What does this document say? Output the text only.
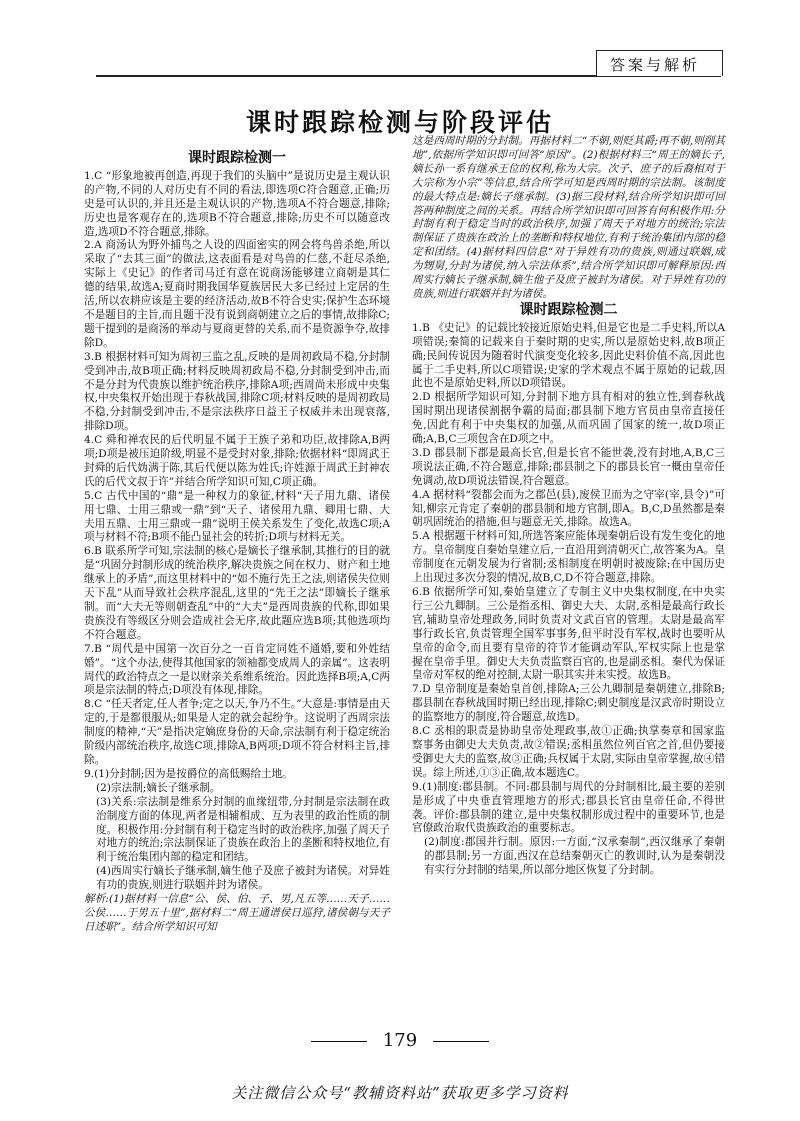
答案与解析
课时跟踪检测与阶段评估
课时跟踪检测一

1.C “形象地被再创造,再现于我们的头脑中”是说历史是主观认识的产物,不同的人对历史有不同的看法,即选项C符合题意,正确;历史是可认识的,并且还是主观认识的产物,选项A不符合题意,排除;历史也是客观存在的,选项B不符合题意,排除;历史不可以随意改造,选项D不符合题意,排除。

2.A 商汤认为野外捕鸟之人设的四面密实的网会将鸟兽杀绝,所以采取了“去其三面”的做法,这表面看是对鸟兽的仁慈,不赶尽杀绝,实际上《史记》的作者司马迁有意在说商汤能够建立商朝是其仁德的结果,故选A;夏商时期我国华夏族居民大多已经过上定居的生活,所以农耕应该是主要的经济活动,故B不符合史实;保护生态环境不是题目的主旨,而且题干没有说到商朝建立之后的事情,故排除C;题干提到的是商汤的举动与夏商更替的关系,而不是资源争夺,故排除D。

3.B 根据材料可知为周初三监之乱,反映的是周初政局不稳,分封制受到冲击,故B项正确;材料反映周初政局不稳,分封制受到冲击,而不是分封为代贵族以维护统治秩序,排除A项;西周尚未形成中央集权,中央集权开始出现于春秋战国,排除C项;材料反映的是周初政局不稳,分封制受到冲击,不是宗法秩序日益王子权威并未出现衰落,排除D项。

4.C 舜和禅农民的后代明显不属于王族子弟和功臣,故排除A,B两项;D项是被压迫阶级,明显不是受封对象,排除;依据材料“即周武王封舜的后代妫满于陈,其后代便以陈为姓氏;许姓源于周武王封神农氏的后代文叔于许”并结合所学知识可知,C项正确。

5.C 古代中国的“鼎”是一种权力的象征,材料“天子用九鼎、诸侯用七鼎、士用三鼎或一鼎”到“天子、诸侯用九鼎、卿用七鼎、大夫用五鼎、士用三鼎或一鼎”说明王侯关系发生了变化,故选C项;A项与材料不符;B项不能凸显社会的转折;D项与材料无关。

6.B 联系所学可知,宗法制的核心是嫡长子继承制,其推行的目的就是“巩固分封制形成的统治秩序,解决贵族之间在权力、财产和土地继承上的矛盾”,而这里材料中的“如不施行先王之法,则诸侯失位则天下乱”从而导致社会秩序混乱,这里的“先王之法”即嫡长子继承制。而“大夫无等则朝查乱”中的“大夫”是西周贵族的代称,即如果贵族没有等级区分则会造成社会无序,故此题应选B项;其他选项均不符合题意。

7.B “周代是中国第一次百分之一百肯定同姓不通婚,要和外姓结婚”。“这个办法,使得其他国家的领袖都变成周人的亲属”。这表明周代的政治特点之一是以财亲关系维系统治。因此选择B项;A,C两项是宗法制的特点;D项没有体现,排除。

8.C “任天者定,任人者争;定之以天,争乃不生。”大意是:事情是由天定的,于是都很服从;如果是人定的就会起纷争。这说明了西周宗法制度的精神,“天”是指决定嫡庶身份的天命,宗法制有利于稳定统治阶级内部统治秩序,故选C项,排除A,B两项;D项不符合材料主旨,排除。

9.(1)分封制;因为是按爵位的高低赐给土地。

(2)宗法制;嫡长子继承制。

(3)关系:宗法制是维系分封制的血缘纽带,分封制是宗法制在政治制度方面的体现,两者是相辅相成、互为表里的政治性质的制度。积极作用:分封制有利于稳定当时的政治秩序,加强了周天子对地方的统治;宗法制保证了贵族在政治上的垄断和特权地位,有利于统治集团内部的稳定和团结。

(4)西周实行嫡长子继承制,嫡生他子及庶子被封为诸侯。对异姓有功的贵族,则进行联姻并封为诸侯。

解析:(1)据材料一信息“公、侯、伯、子、男,凡五等……天子……公侯……于男五十里”,据材料二“周王通谱侯日巡狩,诸侯朝与天子日述职”。结合所学知识可知

这是西周时期的分封制。再据材料二“不朝,则贬其爵;再不朝,则削其地”,依据所学知识即可回答“原因”。(2)根据材料三“周王的嫡长子,嫡长孙一系有继承王位的权利,称为大宗。次子、庶子的后裔相对于大宗称为小宗”等信息,结合所学可知是西周时期的宗法制。该制度的最大特点是:嫡长子继承制。(3)据三段材料,结合所学知识即可回答两种制度之间的关系。再结合所学知识即可回答有何积极作用:分封制有利于稳定当时的政治秩序,加强了周天子对地方的统治;宗法制保证了贵族在政治上的垄断和特权地位,有利于统治集团内部的稳定和团结。(4)据材料四信息“对于异姓有功的贵族,则通过联姻,成为甥舅,分封为诸侯,纳入宗法体系”,结合所学知识即可解释原因:西周实行嫡长子继承制,嫡生他子及庶子被封为诸侯。对于异姓有功的贵族,则进行联姻并封为诸侯。

课时跟踪检测二

1.B 《史记》的记载比较接近原始史料,但是它也是二手史料,所以A项错误;秦简的记载来自于秦时期的史实,所以是原始史料,故B项正确;民间传说因为随着时代演变变化较多,因此史料价值不高,因此也属于二手史料,所以C项错误;史家的学术观点不属于原始的记载,因此也不是原始史料,所以D项错误。

2.D 根据所学知识可知,分封制下地方具有相对的独立性,到春秋战国时期出现诸侯割据争霸的局面;郡县制下地方官员由皇帝直接任免,因此有利于中央集权的加强,从而巩固了国家的统一,故D项正确;A,B,C三项包含在D项之中。

3.D 郡县制下郡是最高长官,但是长官不能世袭,没有封地,A,B,C三项说法正确,不符合题意,排除;郡县制之下的郡县长官一概由皇帝任免调动,故D项说法错误,符合题意。

4.A 据材料“裂都会而为之郡邑(县),废侯卫而为之守宰(宰,县令)”可知,柳宗元肯定了秦朝的郡县制和地方官制,即A。B,C,D虽然都是秦朝巩固统治的措施,但与题意无关,排除。故选A。

5.A 根据题干材料可知,所选答案应能体现秦朝后设有发生变化的地方。皇帝制度自秦始皇建立后,一直沿用到清朝灭亡,故答案为A。皇帝制度在元朝发展为行省制;丞相制度在明朝时被废除;在中国历史上出现过多次分裂的情况,故B,C,D不符合题意,排除。

6.B 依据所学可知,秦始皇建立了专制主义中央集权制度,在中央实行三公九卿制。三公是指丞相、御史大夫、太尉,丞相是最高行政长官,辅助皇帝处理政务,同时负责对文武百官的管理。太尉是最高军事行政长官,负责管理全国军事事务,但平时没有军权,战时也要听从皇帝的命令,而且要有皇帝的符节才能调动军队,军权实际上也是掌握在皇帝手里。御史大夫负责监察百官的,也是副丞相。秦代为保证皇帝对军权的绝对控制,太尉一职其实并未实授。故选B。

7.D 皇帝制度是秦始皇首创,排除A;三公九卿制是秦朝建立,排除B;郡县制在春秋战国时期已经出现,排除C;刺史制度是汉武帝时期设立的监察地方的制度,符合题意,故选D。

8.C 丞相的职责是协助皇帝处理政事,故①正确;执掌奏章和国家监察事务由御史大夫负责,故②错误;丞相虽然位列百官之首,但仍要接受御史大夫的监察,故③正确;兵权属于太尉,实际由皇帝掌握,故④错误。综上所述,①③正确,故本题选C。

9.(1)制度:郡县制。不同:郡县制与周代的分封制相比,最主要的差别是形成了中央垂直管理地方的形式;郡县长官由皇帝任命,不得世袭。评价:郡县制的建立,是中央集权制形成过程中的重要环节,也是官僚政治取代贵族政治的重要标志。

(2)制度:郡国并行制。原因:一方面,“汉承秦制”,西汉继承了秦朝的郡县制;另一方面,西汉在总结秦朝灭亡的教训时,认为是秦朝没有实行分封制的结果,所以部分地区恢复了分封制。

179
关注微信公众号“教辅资料站”获取更多学习资料
